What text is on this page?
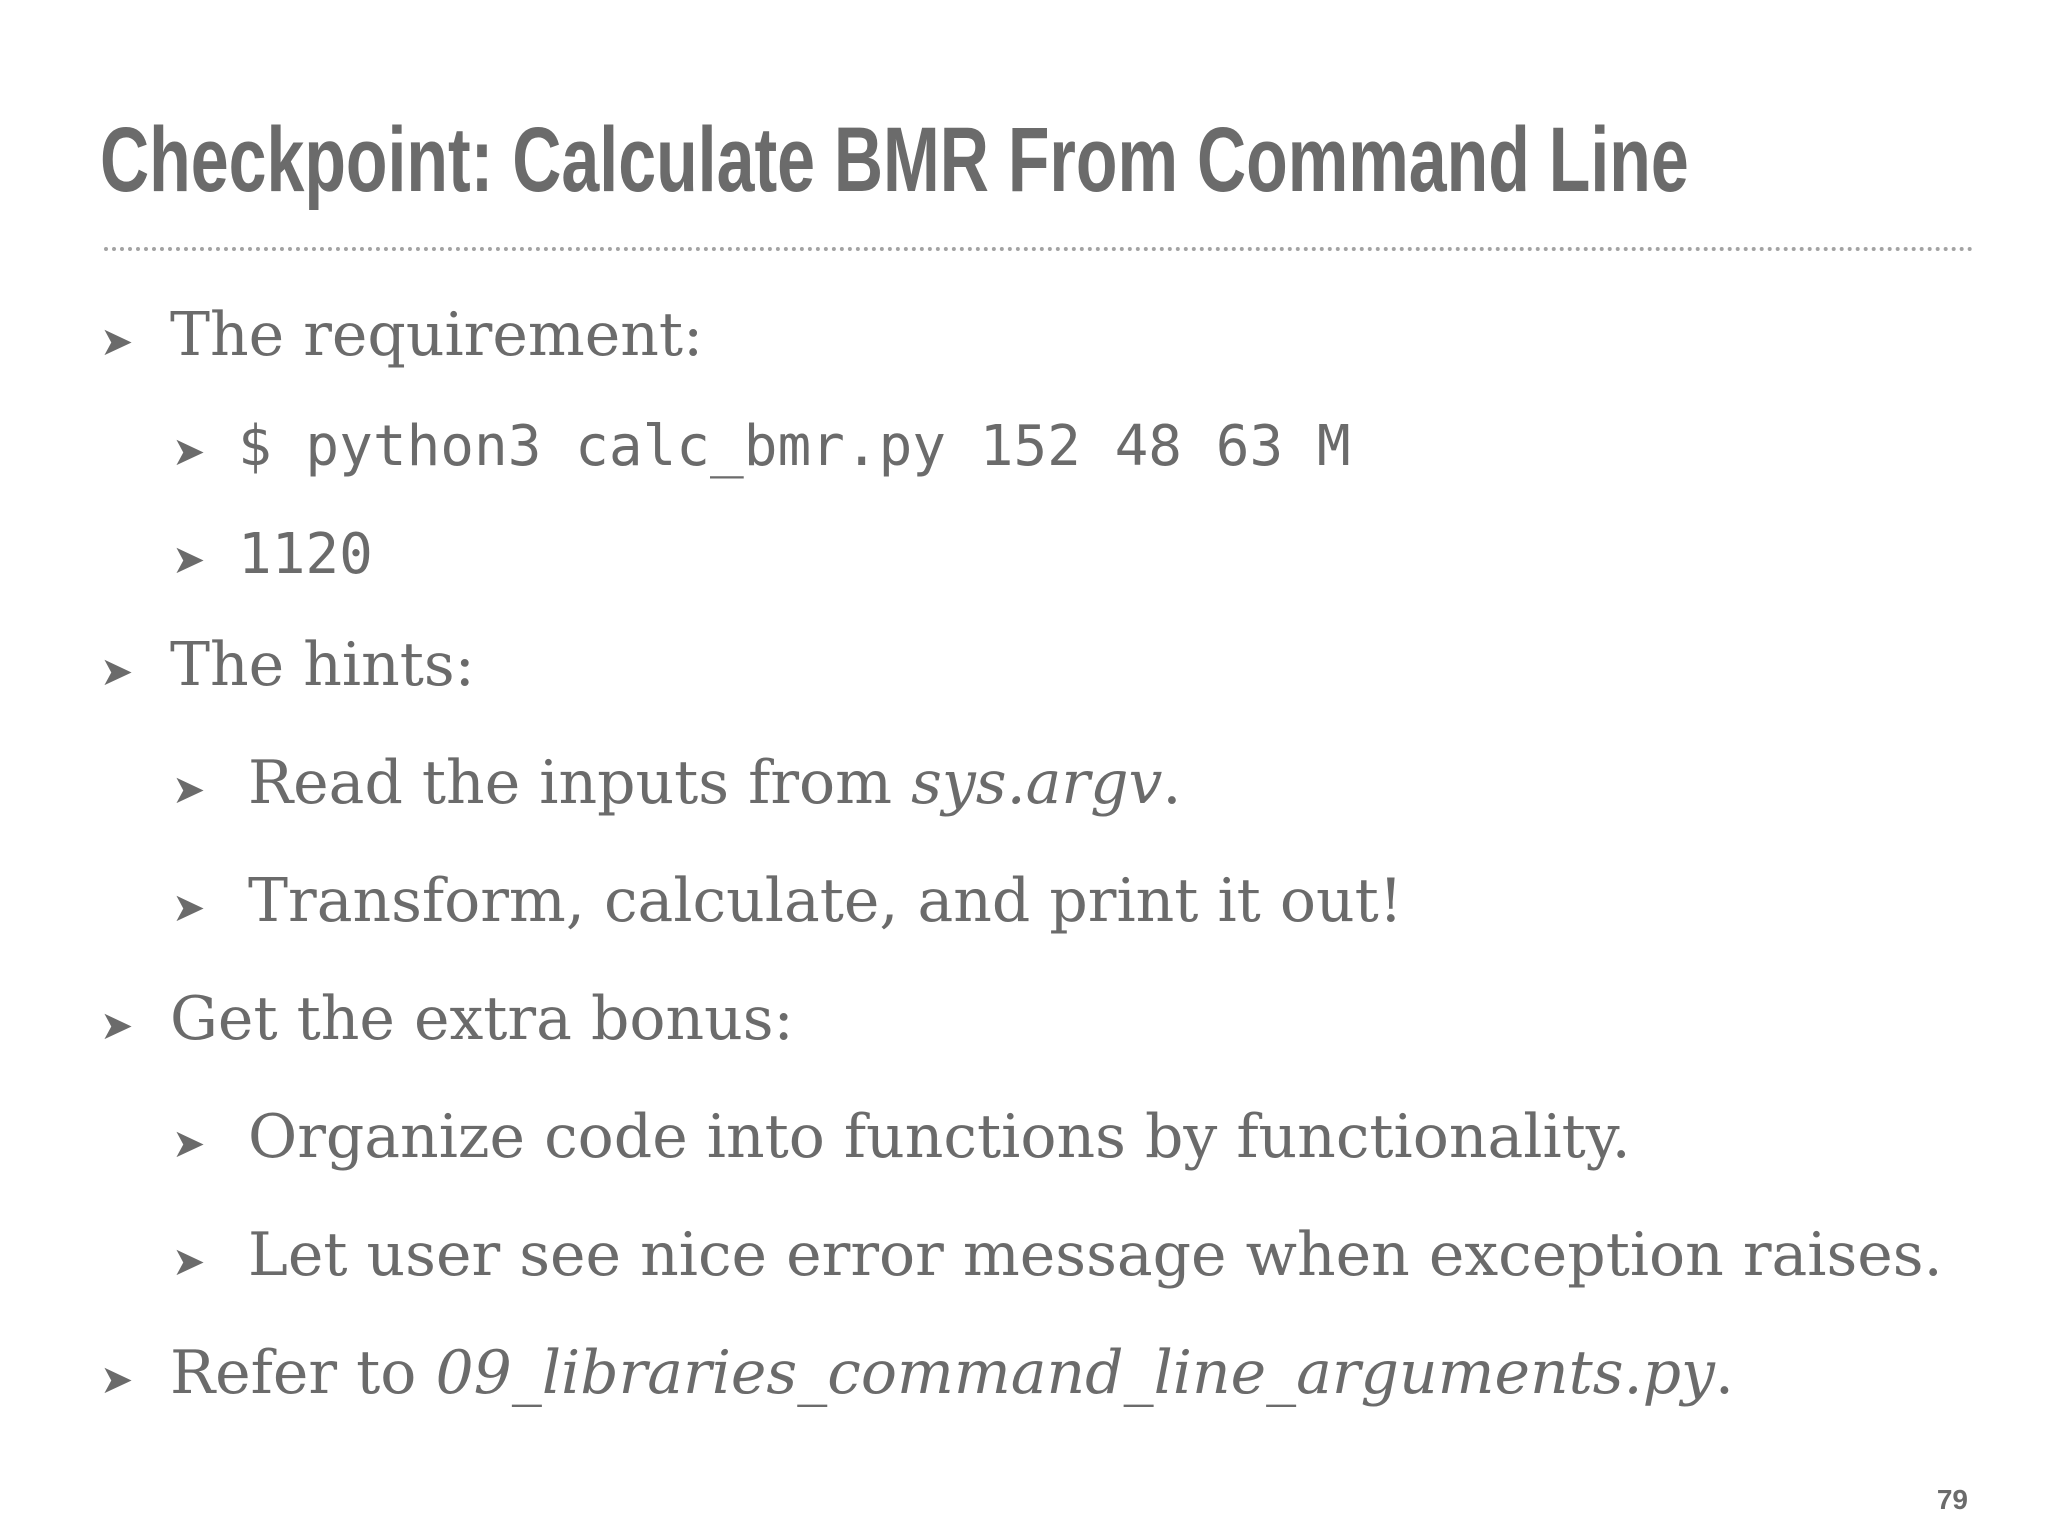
Checkpoint: Calculate BMR From Command Line
➤ The requirement:
➤ $ python3 calc_bmr.py 152 48 63 M
➤ 1120
➤ The hints:
➤ Read the inputs from sys.argv.
➤ Transform, calculate, and print it out!
➤ Get the extra bonus:
➤ Organize code into functions by functionality.
➤ Let user see nice error message when exception raises.
➤ Refer to 09_libraries_command_line_arguments.py.
79
